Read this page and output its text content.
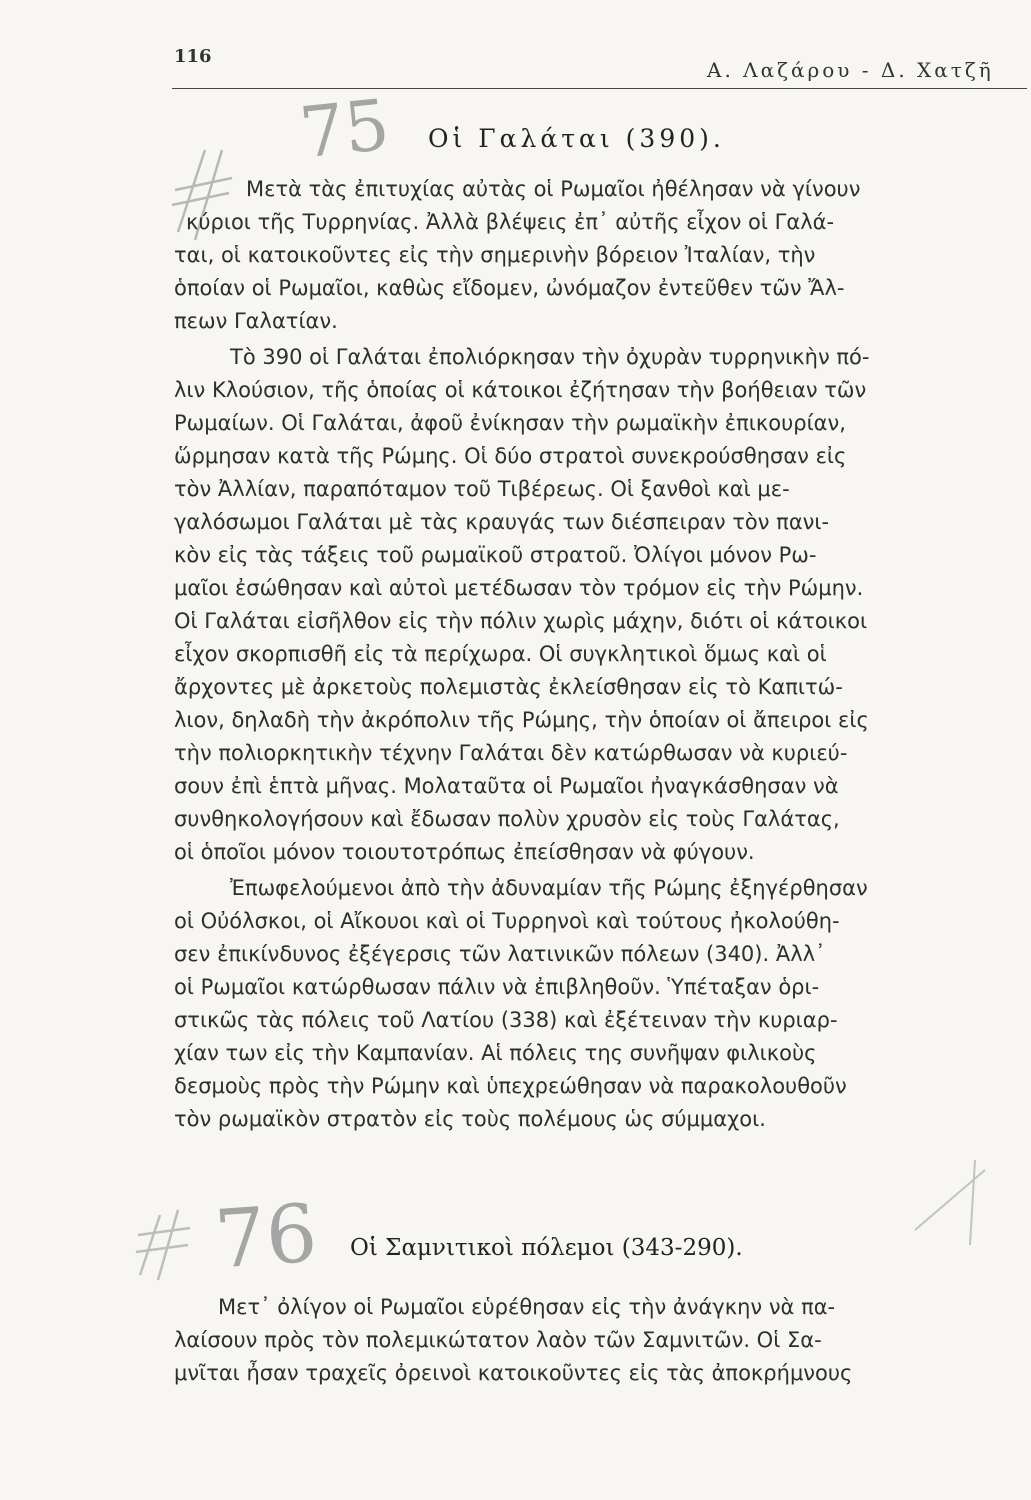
116
Α. Λαζάρου - Δ. Χατζῆ
75
76
Οἱ Γαλάται (390).
Μετὰ τὰς ἐπιτυχίας αὐτὰς οἱ Ρωμαῖοι ἠθέλησαν νὰ γίνουν
κύριοι τῆς Τυρρηνίας. Ἀλλὰ βλέψεις ἐπ᾽ αὐτῆς εἶχον οἱ Γαλά-
ται, οἱ κατοικοῦντες εἰς τὴν σημερινὴν βόρειον Ἰταλίαν, τὴν
ὁποίαν οἱ Ρωμαῖοι, καθὼς εἴδομεν, ὠνόμαζον ἐντεῦθεν τῶν Ἄλ-
πεων Γαλατίαν.
Τὸ 390 οἱ Γαλάται ἐπολιόρκησαν τὴν ὀχυρὰν τυρρηνικὴν πό-
λιν Κλούσιον, τῆς ὁποίας οἱ κάτοικοι ἐζήτησαν τὴν βοήθειαν τῶν
Ρωμαίων. Οἱ Γαλάται, ἀφοῦ ἐνίκησαν τὴν ρωμαϊκὴν ἐπικουρίαν,
ὥρμησαν κατὰ τῆς Ρώμης. Οἱ δύο στρατοὶ συνεκρούσθησαν εἰς
τὸν Ἀλλίαν, παραπόταμον τοῦ Τιβέρεως. Οἱ ξανθοὶ καὶ με-
γαλόσωμοι Γαλάται μὲ τὰς κραυγάς των διέσπειραν τὸν πανι-
κὸν εἰς τὰς τάξεις τοῦ ρωμαϊκοῦ στρατοῦ. Ὀλίγοι μόνον Ρω-
μαῖοι ἐσώθησαν καὶ αὐτοὶ μετέδωσαν τὸν τρόμον εἰς τὴν Ρώμην.
Οἱ Γαλάται εἰσῆλθον εἰς τὴν πόλιν χωρὶς μάχην, διότι οἱ κάτοικοι
εἶχον σκορπισθῆ εἰς τὰ περίχωρα. Οἱ συγκλητικοὶ ὅμως καὶ οἱ
ἄρχοντες μὲ ἀρκετοὺς πολεμιστὰς ἐκλείσθησαν εἰς τὸ Καπιτώ-
λιον, δηλαδὴ τὴν ἀκρόπολιν τῆς Ρώμης, τὴν ὁποίαν οἱ ἄπειροι εἰς
τὴν πολιορκητικὴν τέχνην Γαλάται δὲν κατώρθωσαν νὰ κυριεύ-
σουν ἐπὶ ἑπτὰ μῆνας. Μολαταῦτα οἱ Ρωμαῖοι ἠναγκάσθησαν νὰ
συνθηκολογήσουν καὶ ἔδωσαν πολὺν χρυσὸν εἰς τοὺς Γαλάτας,
οἱ ὁποῖοι μόνον τοιουτοτρόπως ἐπείσθησαν νὰ φύγουν.
Ἐπωφελούμενοι ἀπὸ τὴν ἀδυναμίαν τῆς Ρώμης ἐξηγέρθησαν
οἱ Οὐόλσκοι, οἱ Αἴκουοι καὶ οἱ Τυρρηνοὶ καὶ τούτους ἠκολούθη-
σεν ἐπικίνδυνος ἐξέγερσις τῶν λατινικῶν πόλεων (340). Ἀλλ᾽
οἱ Ρωμαῖοι κατώρθωσαν πάλιν νὰ ἐπιβληθοῦν. Ὑπέταξαν ὁρι-
στικῶς τὰς πόλεις τοῦ Λατίου (338) καὶ ἐξέτειναν τὴν κυριαρ-
χίαν των εἰς τὴν Καμπανίαν. Αἱ πόλεις της συνῆψαν φιλικοὺς
δεσμοὺς πρὸς τὴν Ρώμην καὶ ὑπεχρεώθησαν νὰ παρακολουθοῦν
τὸν ρωμαϊκὸν στρατὸν εἰς τοὺς πολέμους ὡς σύμμαχοι.
Οἱ Σαμνιτικοὶ πόλεμοι (343-290).
Μετ᾽ ὀλίγον οἱ Ρωμαῖοι εὑρέθησαν εἰς τὴν ἀνάγκην νὰ πα-
λαίσουν πρὸς τὸν πολεμικώτατον λαὸν τῶν Σαμνιτῶν. Οἱ Σα-
μνῖται ἦσαν τραχεῖς ὀρεινοὶ κατοικοῦντες εἰς τὰς ἀποκρήμνους
